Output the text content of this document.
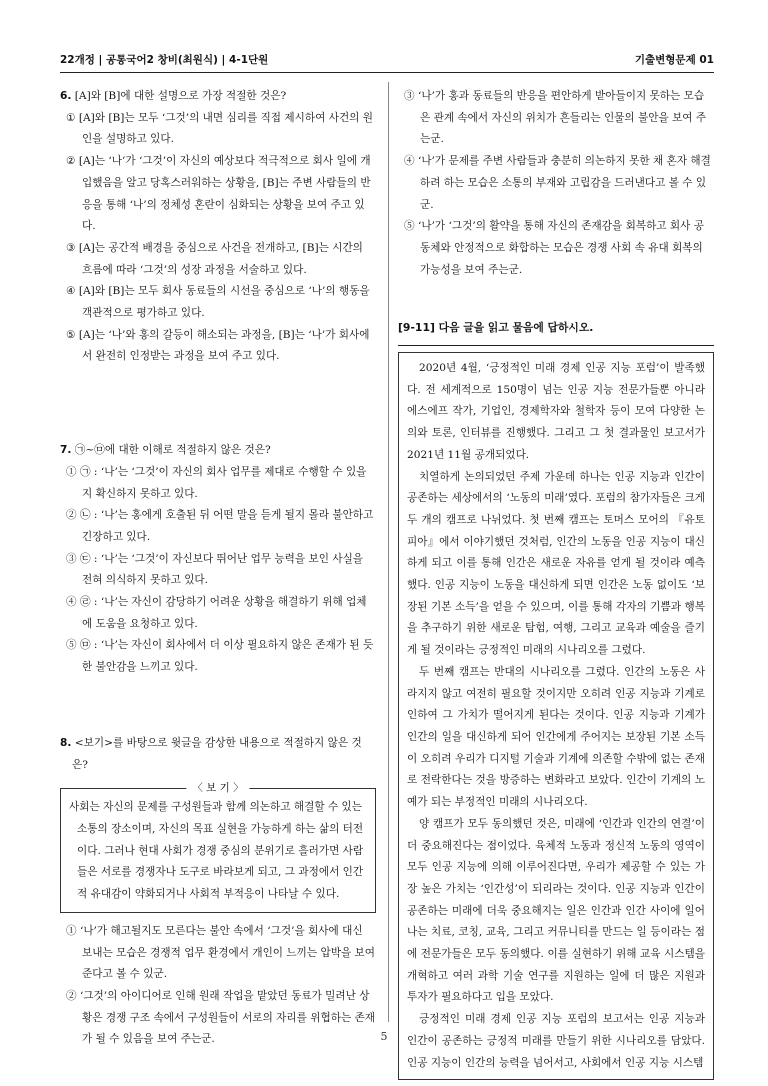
22개정 | 공통국어2 창비(최원식) | 4-1단원	기출변형문제 01

6. [A]와 [B]에 대한 설명으로 가장 적절한 것은?

① [A]와 [B]는 모두 ‘그것’의 내면 심리를 직접 제시하여 사건의 원인을 설명하고 있다.

② [A]는 ‘나’가 ‘그것’이 자신의 예상보다 적극적으로 회사 일에 개입했음을 알고 당혹스러워하는 상황을, [B]는 주변 사람들의 반응을 통해 ‘나’의 정체성 혼란이 심화되는 상황을 보여 주고 있다.

③ [A]는 공간적 배경을 중심으로 사건을 전개하고, [B]는 시간의 흐름에 따라 ‘그것’의 성장 과정을 서술하고 있다.

④ [A]와 [B]는 모두 회사 동료들의 시선을 중심으로 ‘나’의 행동을 객관적으로 평가하고 있다.

⑤ [A]는 ‘나’와 홍의 갈등이 해소되는 과정을, [B]는 ‘나’가 회사에서 완전히 인정받는 과정을 보여 주고 있다.

7. ㉠~㉤에 대한 이해로 적절하지 않은 것은?

① ㉠ : ‘나’는 ‘그것’이 자신의 회사 업무를 제대로 수행할 수 있을지 확신하지 못하고 있다.

② ㉡ : ‘나’는 홍에게 호출된 뒤 어떤 말을 듣게 될지 몰라 불안하고 긴장하고 있다.

③ ㉢ : ‘나’는 ‘그것’이 자신보다 뛰어난 업무 능력을 보인 사실을 전혀 의식하지 못하고 있다.

④ ㉣ : ‘나’는 자신이 감당하기 어려운 상황을 해결하기 위해 업체에 도움을 요청하고 있다.

⑤ ㉤ : ‘나’는 자신이 회사에서 더 이상 필요하지 않은 존재가 된 듯한 불안감을 느끼고 있다.

8. <보기>를 바탕으로 윗글을 감상한 내용으로 적절하지 않은 것은?

〈 보 기 〉

사회는 자신의 문제를 구성원들과 함께 의논하고 해결할 수 있는 소통의 장소이며, 자신의 목표 실현을 가능하게 하는 삶의 터전이다. 그러나 현대 사회가 경쟁 중심의 분위기로 흘러가면 사람들은 서로를 경쟁자나 도구로 바라보게 되고, 그 과정에서 인간적 유대감이 약화되거나 사회적 부적응이 나타날 수 있다.

① ‘나’가 해고될지도 모른다는 불안 속에서 ‘그것’을 회사에 대신 보내는 모습은 경쟁적 업무 환경에서 개인이 느끼는 압박을 보여 준다고 볼 수 있군.

② ‘그것’의 아이디어로 인해 원래 작업을 맡았던 동료가 밀려난 상황은 경쟁 구조 속에서 구성원들이 서로의 자리를 위협하는 존재가 될 수 있음을 보여 주는군.

③ ‘나’가 홍과 동료들의 반응을 편안하게 받아들이지 못하는 모습은 관계 속에서 자신의 위치가 흔들리는 인물의 불안을 보여 주는군.

④ ‘나’가 문제를 주변 사람들과 충분히 의논하지 못한 채 혼자 해결하려 하는 모습은 소통의 부재와 고립감을 드러낸다고 볼 수 있군.

⑤ ‘나’가 ‘그것’의 활약을 통해 자신의 존재감을 회복하고 회사 공동체와 안정적으로 화합하는 모습은 경쟁 사회 속 유대 회복의 가능성을 보여 주는군.

[9-11] 다음 글을 읽고 물음에 답하시오.

2020년 4월, ‘긍정적인 미래 경제 인공 지능 포럼’이 발족했다. 전 세계적으로 150명이 넘는 인공 지능 전문가들뿐 아니라 에스에프 작가, 기업인, 경제학자와 철학자 등이 모여 다양한 논의와 토론, 인터뷰를 진행했다. 그리고 그 첫 결과물인 보고서가 2021년 11월 공개되었다.

치열하게 논의되었던 주제 가운데 하나는 인공 지능과 인간이 공존하는 세상에서의 ‘노동의 미래’였다. 포럼의 참가자들은 크게 두 개의 캠프로 나뉘었다. 첫 번째 캠프는 토머스 모어의 『유토피아』에서 이야기했던 것처럼, 인간의 노동을 인공 지능이 대신하게 되고 이를 통해 인간은 새로운 자유를 얻게 될 것이라 예측했다. 인공 지능이 노동을 대신하게 되면 인간은 노동 없이도 ‘보장된 기본 소득’을 얻을 수 있으며, 이를 통해 각자의 기쁨과 행복을 추구하기 위한 새로운 탐험, 여행, 그리고 교육과 예술을 즐기게 될 것이라는 긍정적인 미래의 시나리오를 그렸다.

두 번째 캠프는 반대의 시나리오를 그렸다. 인간의 노동은 사라지지 않고 여전히 필요할 것이지만 오히려 인공 지능과 기계로 인하여 그 가치가 떨어지게 된다는 것이다. 인공 지능과 기계가 인간의 일을 대신하게 되어 인간에게 주어지는 보장된 기본 소득이 오히려 우리가 디지털 기술과 기계에 의존할 수밖에 없는 존재로 전락한다는 것을 방증하는 변화라고 보았다. 인간이 기계의 노예가 되는 부정적인 미래의 시나리오다.

양 캠프가 모두 동의했던 것은, 미래에 ‘인간과 인간의 연결’이 더 중요해진다는 점이었다. 육체적 노동과 정신적 노동의 영역이 모두 인공 지능에 의해 이루어진다면, 우리가 제공할 수 있는 가장 높은 가치는 ‘인간성’이 되리라는 것이다. 인공 지능과 인간이 공존하는 미래에 더욱 중요해지는 일은 인간과 인간 사이에 일어나는 치료, 코칭, 교육, 그리고 커뮤니티를 만드는 일 등이라는 점에 전문가들은 모두 동의했다. 이를 실현하기 위해 교육 시스템을 개혁하고 여러 과학 기술 연구를 지원하는 일에 더 많은 지원과 투자가 필요하다고 입을 모았다.

긍정적인 미래 경제 인공 지능 포럼의 보고서는 인공 지능과 인간이 공존하는 긍정적 미래를 만들기 위한 시나리오를 담았다. 인공 지능이 인간의 능력을 넘어서고, 사회에서 인공 지능 시스템

5
